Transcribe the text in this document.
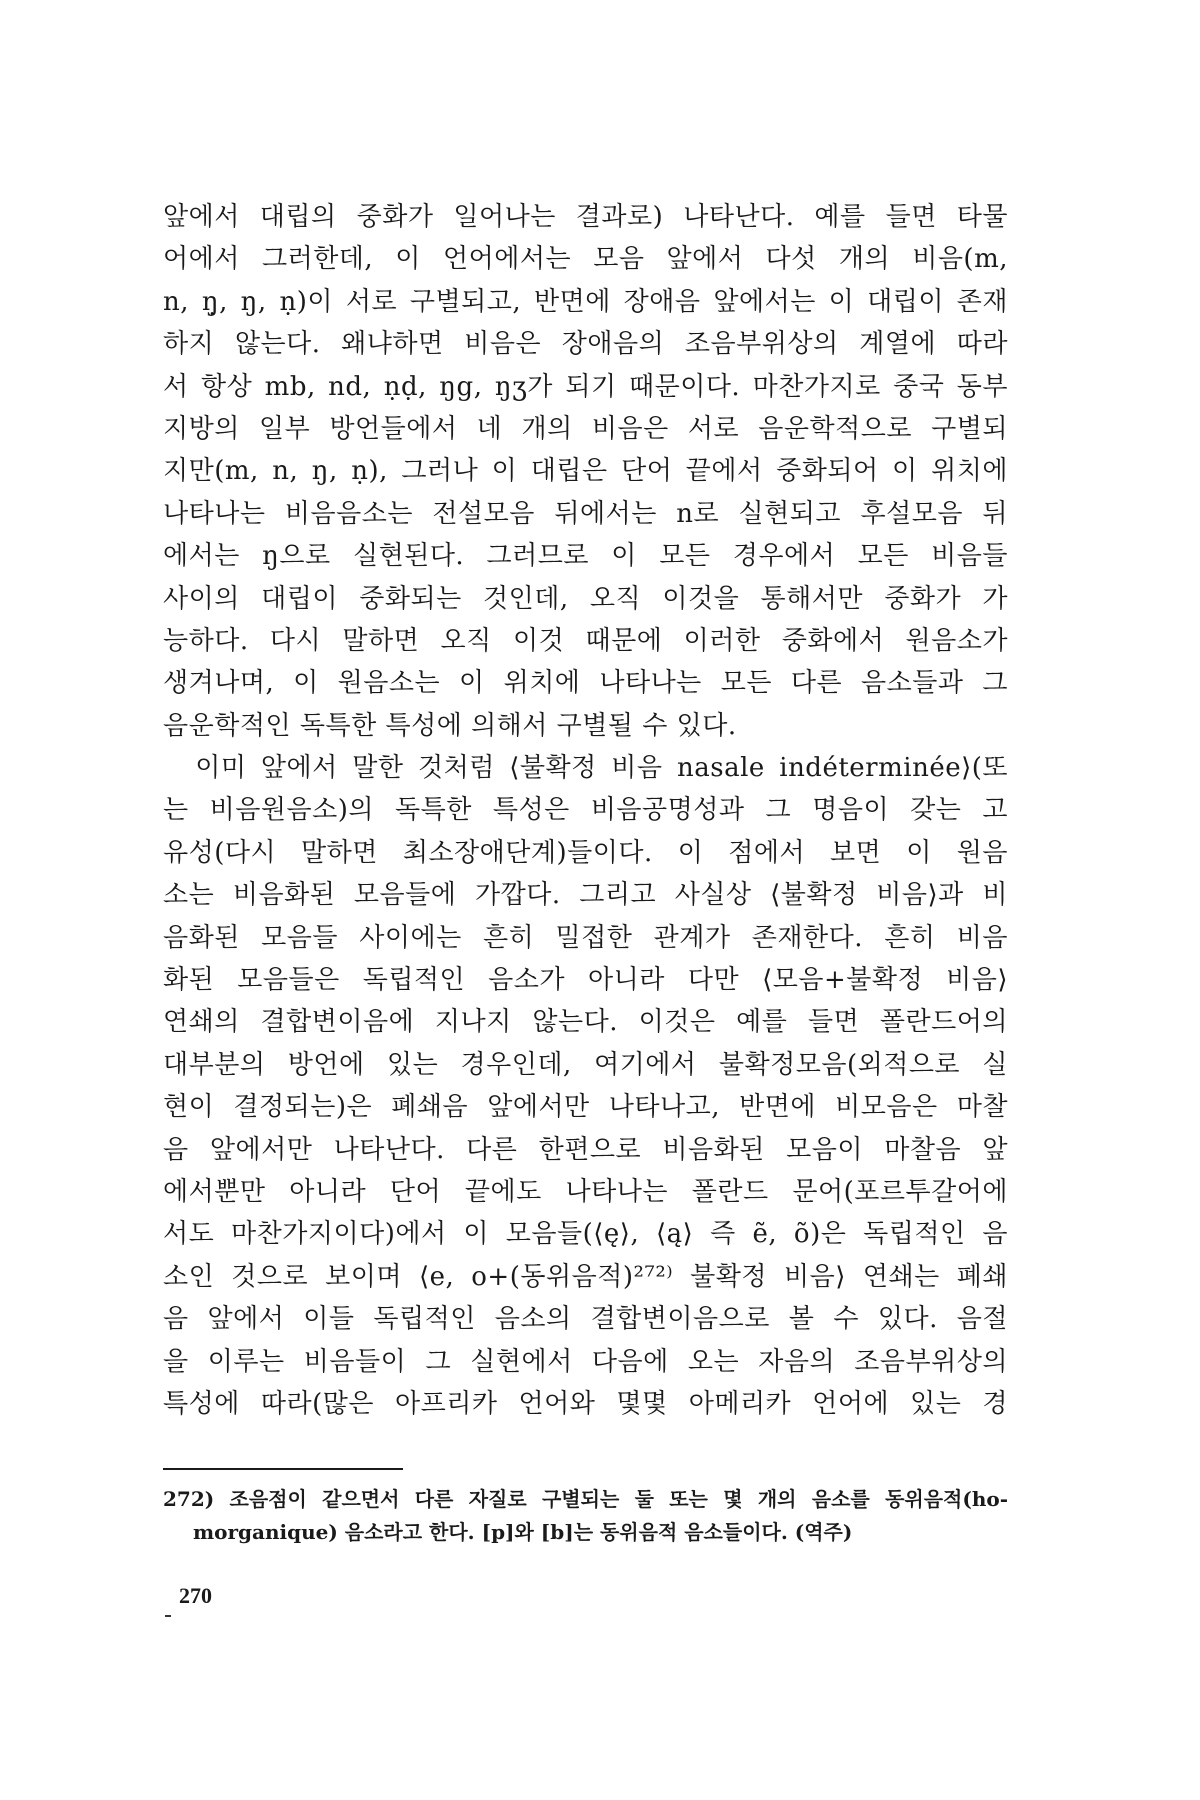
앞에서 대립의 중화가 일어나는 결과로) 나타난다. 예를 들면 타물
어에서 그러한데, 이 언어에서는 모음 앞에서 다섯 개의 비음(m,
n, ŋ̣, ŋ, ṇ)이 서로 구별되고, 반면에 장애음 앞에서는 이 대립이 존재
하지 않는다. 왜냐하면 비음은 장애음의 조음부위상의 계열에 따라
서 항상 mb, nd, ṇḍ, ŋg, ŋʒ가 되기 때문이다. 마찬가지로 중국 동부
지방의 일부 방언들에서 네 개의 비음은 서로 음운학적으로 구별되
지만(m, n, ŋ, ṇ), 그러나 이 대립은 단어 끝에서 중화되어 이 위치에
나타나는 비음음소는 전설모음 뒤에서는 n로 실현되고 후설모음 뒤
에서는 ŋ으로 실현된다. 그러므로 이 모든 경우에서 모든 비음들
사이의 대립이 중화되는 것인데, 오직 이것을 통해서만 중화가 가
능하다. 다시 말하면 오직 이것 때문에 이러한 중화에서 원음소가
생겨나며, 이 원음소는 이 위치에 나타나는 모든 다른 음소들과 그
음운학적인 독특한 특성에 의해서 구별될 수 있다.
　이미 앞에서 말한 것처럼 ⟨불확정 비음 nasale indéterminée⟩(또
는 비음원음소)의 독특한 특성은 비음공명성과 그 명음이 갖는 고
유성(다시 말하면 최소장애단계)들이다. 이 점에서 보면 이 원음
소는 비음화된 모음들에 가깝다. 그리고 사실상 ⟨불확정 비음⟩과 비
음화된 모음들 사이에는 흔히 밀접한 관계가 존재한다. 흔히 비음
화된 모음들은 독립적인 음소가 아니라 다만 ⟨모음+불확정 비음⟩
연쇄의 결합변이음에 지나지 않는다. 이것은 예를 들면 폴란드어의
대부분의 방언에 있는 경우인데, 여기에서 불확정모음(외적으로 실
현이 결정되는)은 폐쇄음 앞에서만 나타나고, 반면에 비모음은 마찰
음 앞에서만 나타난다. 다른 한편으로 비음화된 모음이 마찰음 앞
에서뿐만 아니라 단어 끝에도 나타나는 폴란드 문어(포르투갈어에
서도 마찬가지이다)에서 이 모음들(⟨ę⟩, ⟨ą⟩ 즉 ẽ, õ)은 독립적인 음
소인 것으로 보이며 ⟨e, o+(동위음적)²⁷²⁾ 불확정 비음⟩ 연쇄는 폐쇄
음 앞에서 이들 독립적인 음소의 결합변이음으로 볼 수 있다. 음절
을 이루는 비음들이 그 실현에서 다음에 오는 자음의 조음부위상의
특성에 따라(많은 아프리카 언어와 몇몇 아메리카 언어에 있는 경
272) 조음점이 같으면서 다른 자질로 구별되는 둘 또는 몇 개의 음소를 동위음적(ho-
morganique) 음소라고 한다. [p]와 [b]는 동위음적 음소들이다. (역주)
270
